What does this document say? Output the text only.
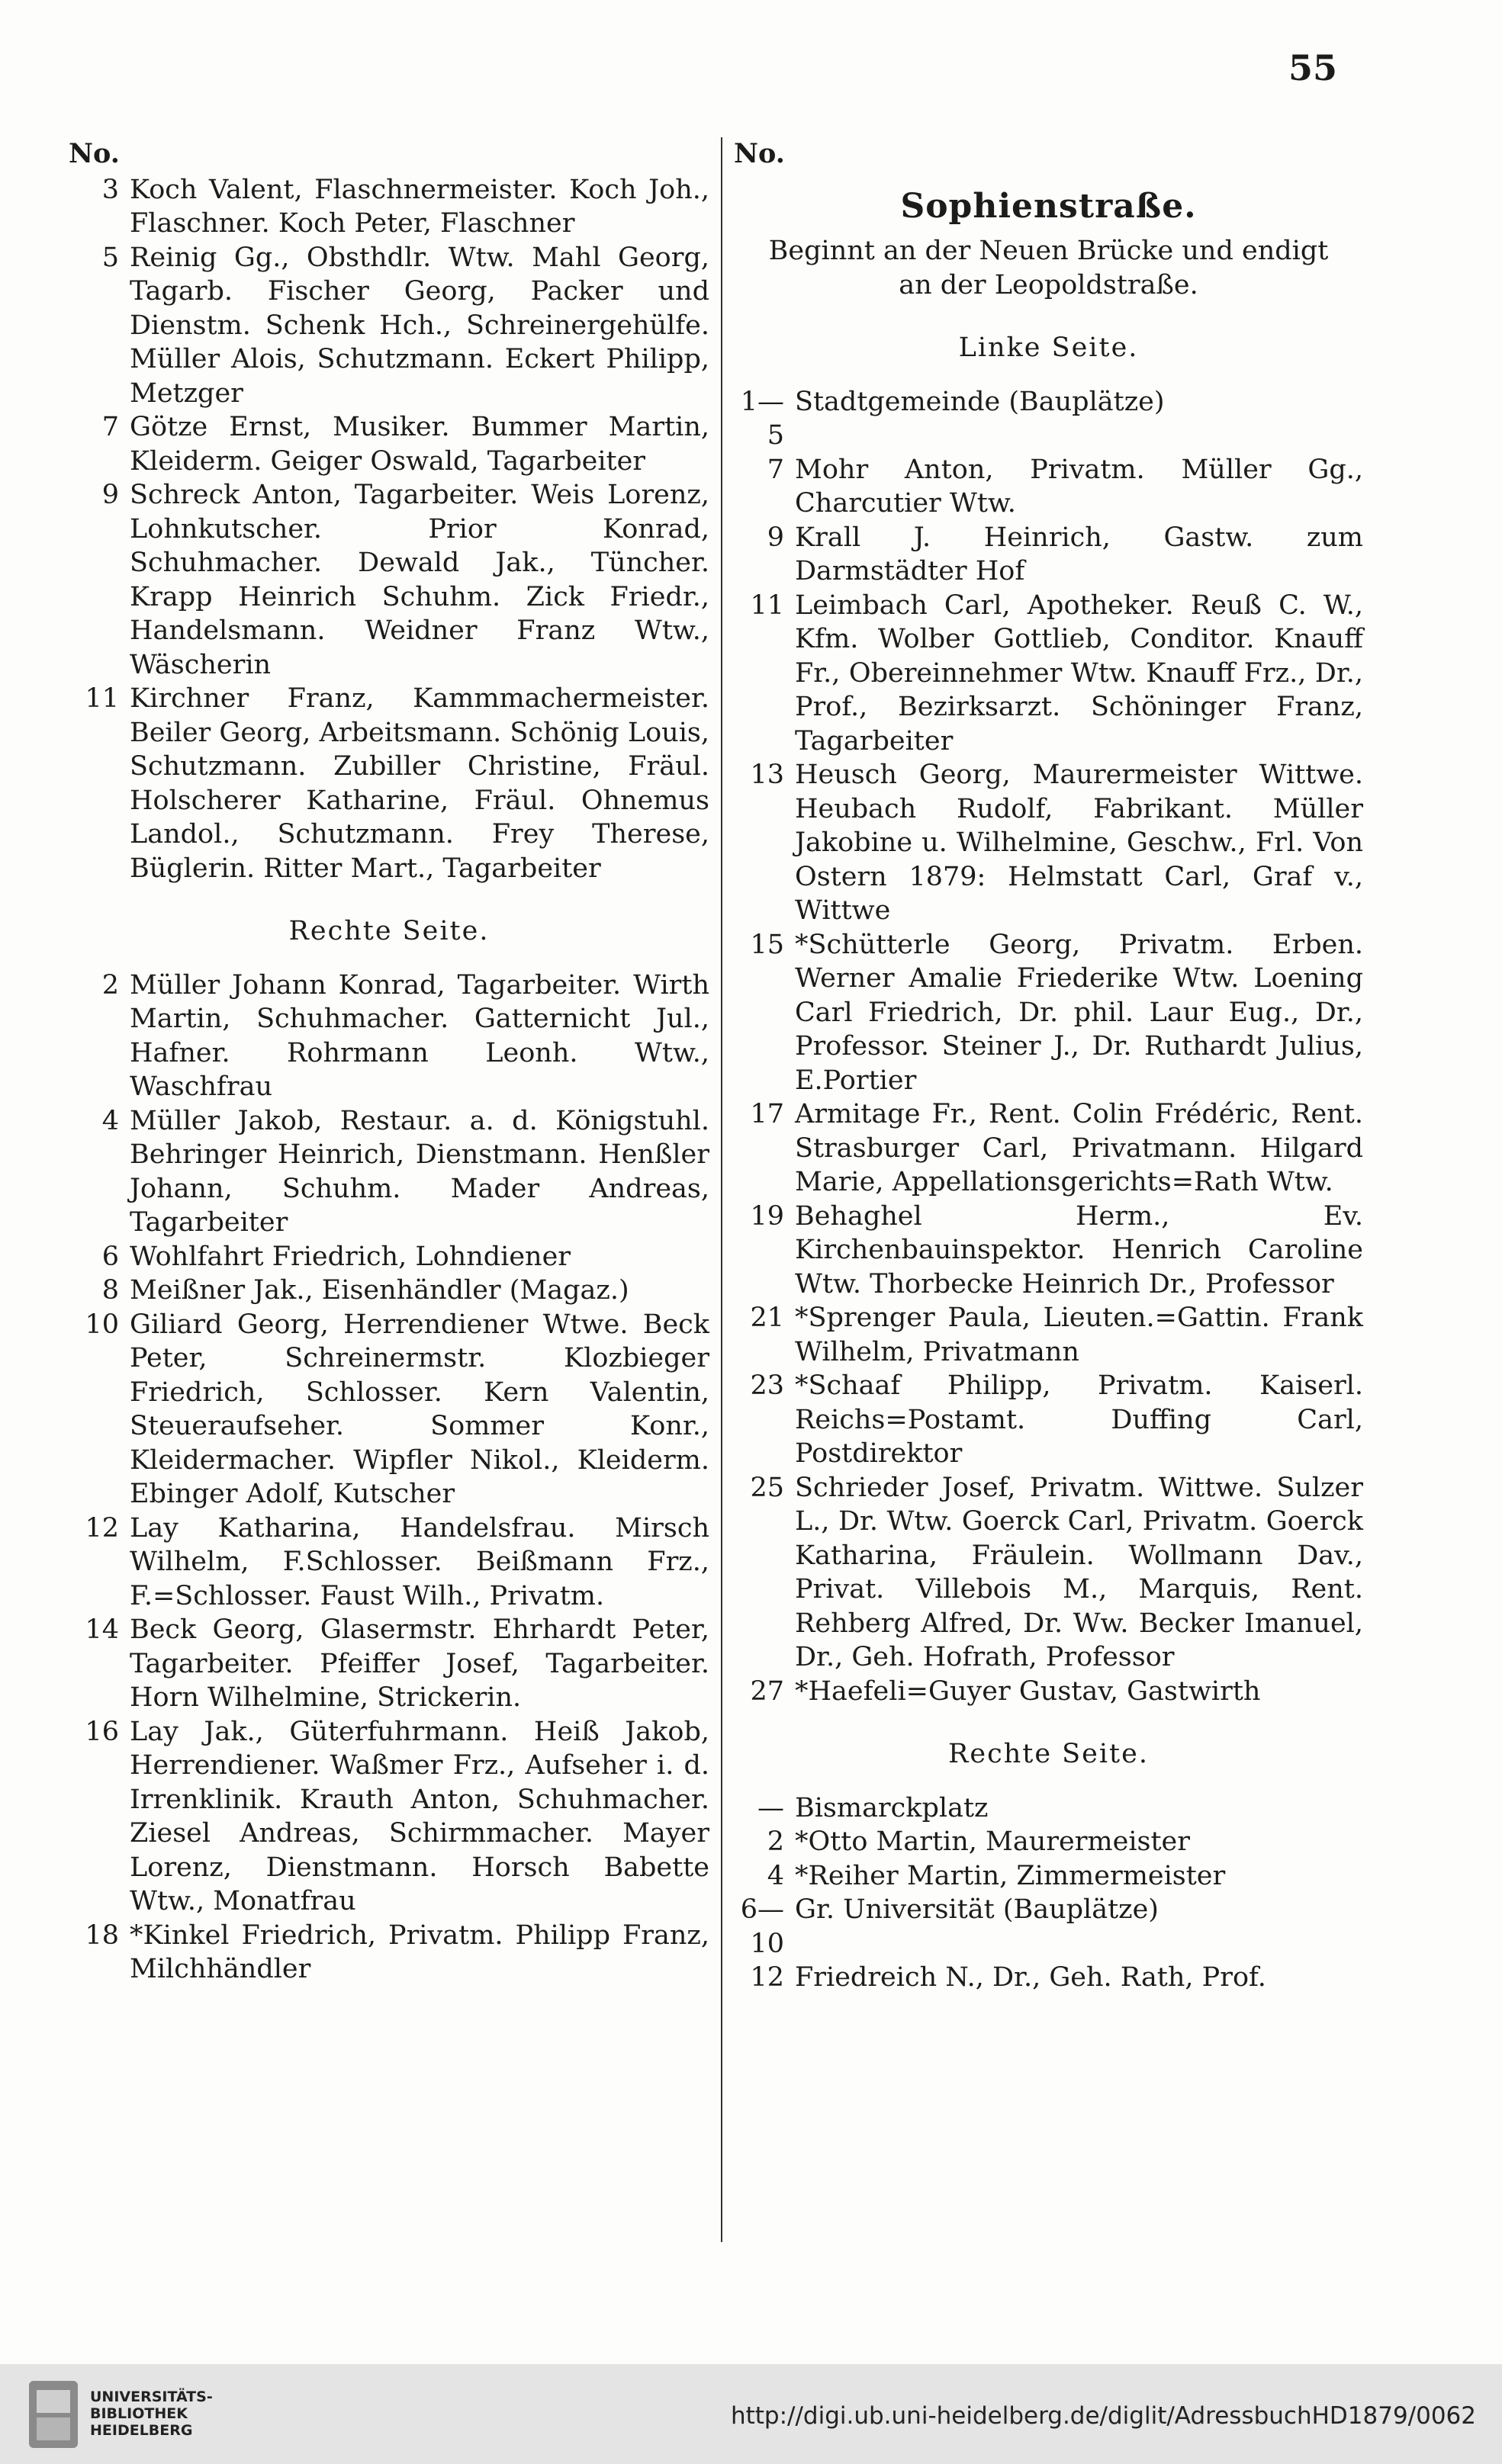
55
No.
3 Koch Valent, Flaschnermeister. Koch Joh., Flaschner. Koch Peter, Flaschner
5 Reinig Gg., Obsthdlr. Wtw. Mahl Georg, Tagarb. Fischer Georg, Packer und Dienstm. Schenk Hch., Schreinergehülfe. Müller Alois, Schutzmann. Eckert Philipp, Metzger
7 Götze Ernst, Musiker. Bummer Martin, Kleiderm. Geiger Oswald, Tagarbeiter
9 Schreck Anton, Tagarbeiter. Weis Lorenz, Lohnkutscher. Prior Konrad, Schuhmacher. Dewald Jak., Tüncher. Krapp Heinrich Schuhm. Zick Friedr., Handelsmann. Weidner Franz Wtw., Wäscherin
11 Kirchner Franz, Kammmachermeister. Beiler Georg, Arbeitsmann. Schönig Louis, Schutzmann. Zubiller Christine, Fräul. Holscherer Katharine, Fräul. Ohnemus Landol., Schutzmann. Frey Therese, Büglerin. Ritter Mart., Tagarbeiter
Rechte Seite.
2 Müller Johann Konrad, Tagarbeiter. Wirth Martin, Schuhmacher. Gatternicht Jul., Hafner. Rohrmann Leonh. Wtw., Waschfrau
4 Müller Jakob, Restaur. a. d. Königstuhl. Behringer Heinrich, Dienstmann. Henßler Johann, Schuhm. Mader Andreas, Tagarbeiter
6 Wohlfahrt Friedrich, Lohndiener
8 Meißner Jak., Eisenhändler (Magaz.)
10 Giliard Georg, Herrendiener Wtwe. Beck Peter, Schreinermstr. Klozbieger Friedrich, Schlosser. Kern Valentin, Steueraufseher. Sommer Konr., Kleidermacher. Wipfler Nikol., Kleiderm. Ebinger Adolf, Kutscher
12 Lay Katharina, Handelsfrau. Mirsch Wilhelm, F.Schlosser. Beißmann Frz., F.=Schlosser. Faust Wilh., Privatm.
14 Beck Georg, Glasermstr. Ehrhardt Peter, Tagarbeiter. Pfeiffer Josef, Tagarbeiter. Horn Wilhelmine, Strickerin.
16 Lay Jak., Güterfuhrmann. Heiß Jakob, Herrendiener. Waßmer Frz., Aufseher i. d. Irrenklinik. Krauth Anton, Schuhmacher. Ziesel Andreas, Schirmmacher. Mayer Lorenz, Dienstmann. Horsch Babette Wtw., Monatfrau
18 *Kinkel Friedrich, Privatm. Philipp Franz, Milchhändler
No.
Sophienstraße.
Beginnt an der Neuen Brücke und endigt an der Leopoldstraße.
Linke Seite.
1—5
Stadtgemeinde (Bauplätze)
7 Mohr Anton, Privatm. Müller Gg., Charcutier Wtw.
9 Krall J. Heinrich, Gastw. zum Darmstädter Hof
11 Leimbach Carl, Apotheker. Reuß C. W., Kfm. Wolber Gottlieb, Conditor. Knauff Fr., Obereinnehmer Wtw. Knauff Frz., Dr., Prof., Bezirksarzt. Schöninger Franz, Tagarbeiter
13 Heusch Georg, Maurermeister Wittwe. Heubach Rudolf, Fabrikant. Müller Jakobine u. Wilhelmine, Geschw., Frl. Von Ostern 1879: Helmstatt Carl, Graf v., Wittwe
15 *Schütterle Georg, Privatm. Erben. Werner Amalie Friederike Wtw. Loening Carl Friedrich, Dr. phil. Laur Eug., Dr., Professor. Steiner J., Dr. Ruthardt Julius, E.Portier
17 Armitage Fr., Rent. Colin Frédéric, Rent. Strasburger Carl, Privatmann. Hilgard Marie, Appellationsgerichts=Rath Wtw.
19 Behaghel Herm., Ev. Kirchenbauinspektor. Henrich Caroline Wtw. Thorbecke Heinrich Dr., Professor
21 *Sprenger Paula, Lieuten.=Gattin. Frank Wilhelm, Privatmann
23 *Schaaf Philipp, Privatm. Kaiserl. Reichs=Postamt. Duffing Carl, Postdirektor
25 Schrieder Josef, Privatm. Wittwe. Sulzer L., Dr. Wtw. Goerck Carl, Privatm. Goerck Katharina, Fräulein. Wollmann Dav., Privat. Villebois M., Marquis, Rent. Rehberg Alfred, Dr. Ww. Becker Imanuel, Dr., Geh. Hofrath, Professor
27 *Haefeli=Guyer Gustav, Gastwirth
Rechte Seite.
— Bismarckplatz
2 *Otto Martin, Maurermeister
4 *Reiher Martin, Zimmermeister
6—10
Gr. Universität (Bauplätze)
12 Friedreich N., Dr., Geh. Rath, Prof.
UNIVERSITÄTS-
BIBLIOTHEK
HEIDELBERG
http://digi.ub.uni-heidelberg.de/diglit/AdressbuchHD1879/0062
